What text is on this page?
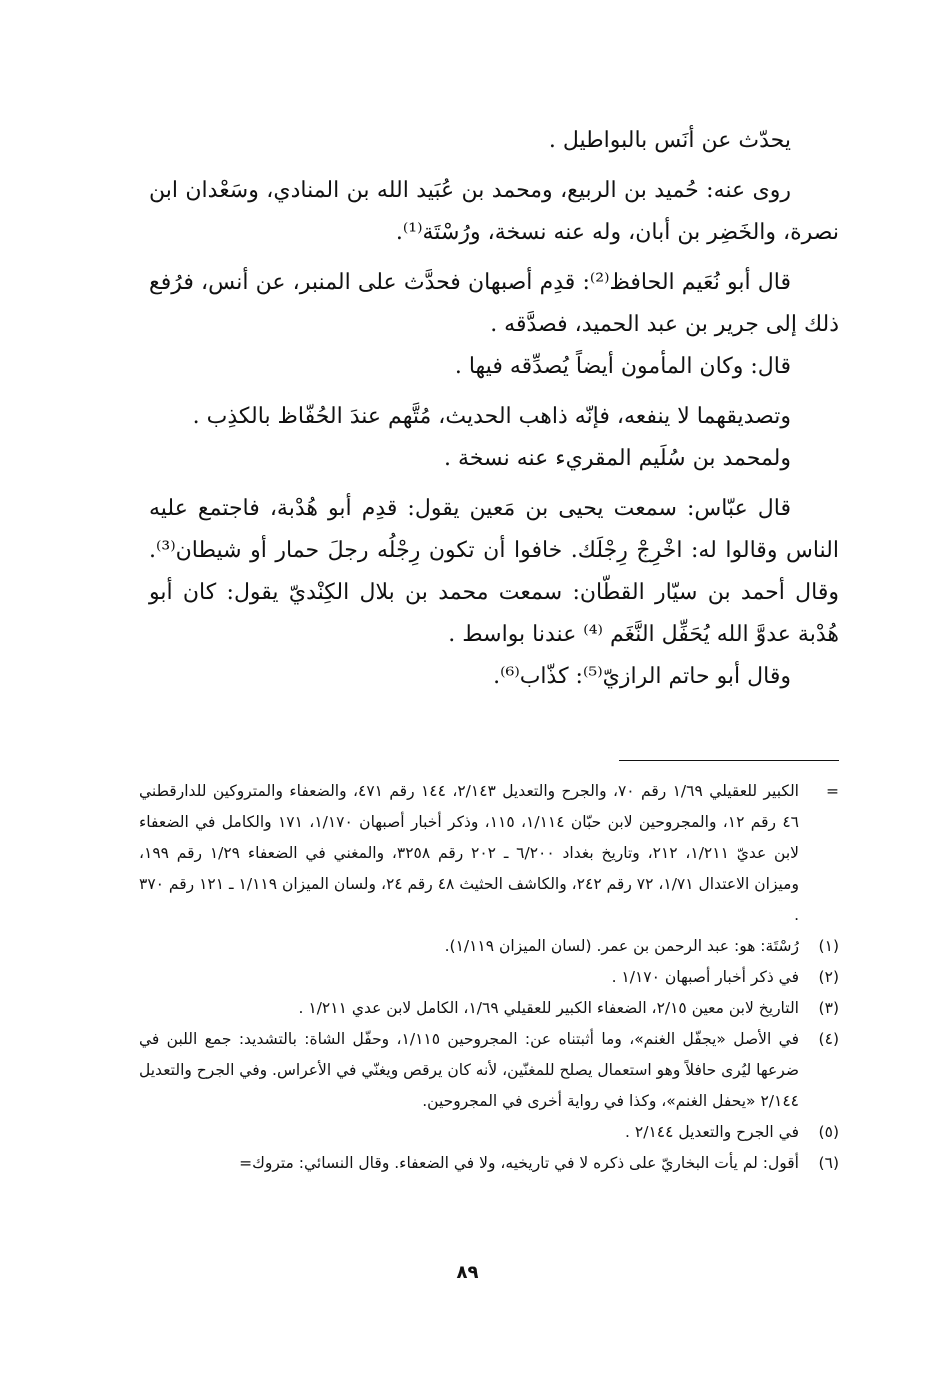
يحدّث عن أنَس بالبواطيل .

روى عنه: حُميد بن الربيع، ومحمد بن عُبَيد الله بن المنادي، وسَعْدان ابن نصرة، والخَضِر بن أبان، وله عنه نسخة، ورُسْتَة⁽¹⁾.

قال أبو نُعَيم الحافظ⁽²⁾: قدِم أصبهان فحدَّث على المنبر، عن أنس، فرُفع ذلك إلى جرير بن عبد الحميد، فصدَّقه .

قال: وكان المأمون أيضاً يُصدِّقه فيها .

وتصديقهما لا ينفعه، فإنّه ذاهب الحديث، مُتَّهم عندَ الحُفّاظ بالكذِب .

ولمحمد بن سُلَيم المقريء عنه نسخة .

قال عبّاس: سمعت يحيى بن مَعين يقول: قدِم أبو هُدْبة، فاجتمع عليه الناس وقالوا له: اخْرِجْ رِجْلَك. خافوا أن تكون رِجْلُه رجلَ حمار أو شيطان⁽³⁾. وقال أحمد بن سيّار القطّان: سمعت محمد بن بلال الكِنْديّ يقول: كان أبو هُدْبة عدوَّ الله يُحَفِّل النَّغَم ⁽⁴⁾ عندنا بواسط .

وقال أبو حاتم الرازيّ⁽⁵⁾: كذّاب⁽⁶⁾.

=
الكبير للعقيلي ١/٦٩ رقم ٧٠، والجرح والتعديل ٢/١٤٣، ١٤٤ رقم ٤٧١، والضعفاء والمتروكين للدارقطني ٤٦ رقم ١٢، والمجروحين لابن حبّان ١/١١٤، ١١٥، وذكر أخبار أصبهان ١/١٧٠، ١٧١ والكامل في الضعفاء لابن عديّ ١/٢١١، ٢١٢، وتاريخ بغداد ٦/٢٠٠ ـ ٢٠٢ رقم ٣٢٥٨، والمغني في الضعفاء ١/٢٩ رقم ١٩٩، وميزان الاعتدال ١/٧١، ٧٢ رقم ٢٤٢، والكاشف الحثيث ٤٨ رقم ٢٤، ولسان الميزان ١/١١٩ ـ ١٢١ رقم ٣٧٠ .
(١)
رُسْتَة: هو: عبد الرحمن بن عمر. (لسان الميزان ١/١١٩).
(٢)
في ذكر أخبار أصبهان ١/١٧٠ .
(٣)
التاريخ لابن معين ٢/١٥، الضعفاء الكبير للعقيلي ١/٦٩، الكامل لابن عدي ١/٢١١ .
(٤)
في الأصل «يجفّل الغنم»، وما أثبتناه عن: المجروحين ١/١١٥، وحفّل الشاة: بالتشديد: جمع اللبن في ضرعها ليُرى حافلاً وهو استعمال يصلح للمغنّين، لأنه كان يرقص ويغنّي في الأعراس. وفي الجرح والتعديل ٢/١٤٤ «يحفل الغنم»، وكذا في رواية أخرى في المجروحين.
(٥)
في الجرح والتعديل ٢/١٤٤ .
(٦)
أقول: لم يأت البخاريّ على ذكره لا في تاريخيه، ولا في الضعفاء. وقال النسائي: متروك=
٨٩
